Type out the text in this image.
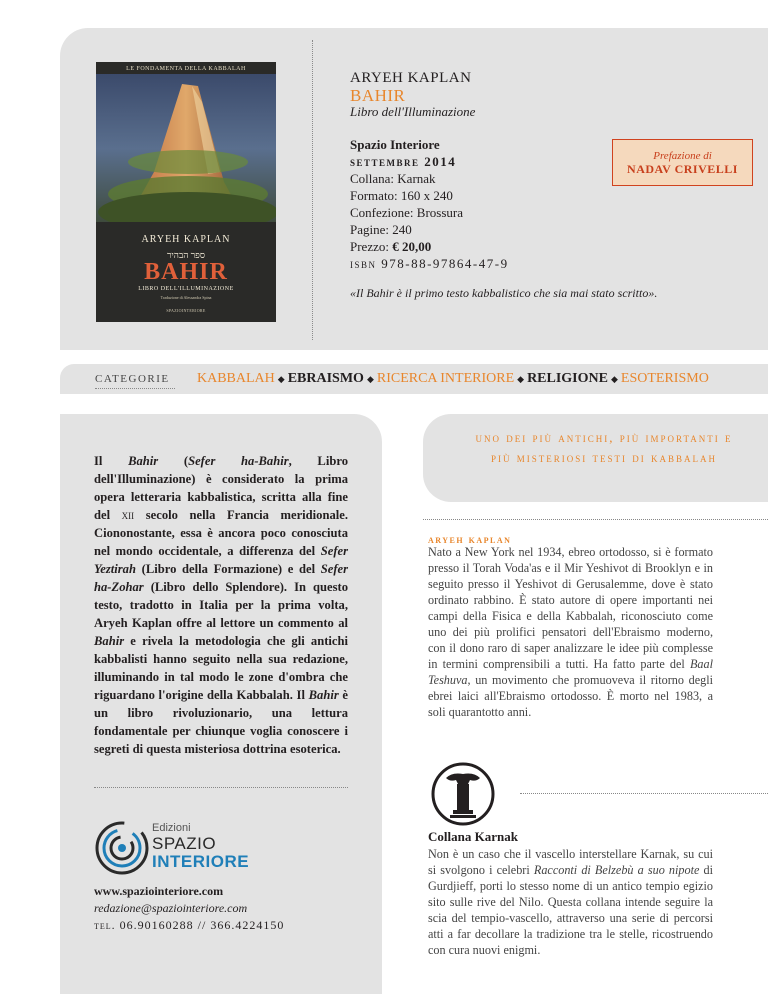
LE FONDAMENTA DELLA KABBALAH
ARYEH KAPLAN
ספר הבהיר
BAHIR
LIBRO DELL'ILLUMINAZIONE
Traduzione di Alessandra Spina
SPAZIOINTERIORE
ARYEH KAPLAN
BAHIR
Libro dell'Illuminazione
Spazio Interiore
settembre 2014
Collana: Karnak
Formato: 160 x 240
Confezione: Brossura
Pagine: 240
Prezzo: € 20,00
isbn 978-88-97864-47-9
Prefazione di
NADAV CRIVELLI
«Il Bahir è il primo testo kabbalistico che sia mai stato scritto».
CATEGORIE	KABBALAH ◆ EBRAISMO ◆ RICERCA INTERIORE ◆ RELIGIONE ◆ ESOTERISMO
Il Bahir (Sefer ha-Bahir, Libro dell'Illuminazione) è considerato la prima opera letteraria kabbalistica, scritta alla fine del xii secolo nella Francia meridionale. Ciononostante, essa è ancora poco conosciuta nel mondo occidentale, a differenza del Sefer Yeztirah (Libro della Formazione) e del Sefer ha-Zohar (Libro dello Splendore). In questo testo, tradotto in Italia per la prima volta, Aryeh Kaplan offre al lettore un commento al Bahir e rivela la metodologia che gli antichi kabbalisti hanno seguito nella sua redazione, illuminando in tal modo le zone d'ombra che riguardano l'origine della Kabbalah. Il Bahir è un libro rivoluzionario, una lettura fondamentale per chiunque voglia conoscere i segreti di questa misteriosa dottrina esoterica.
Edizioni
SPAZIO
INTERIORE
www.spaziointeriore.com
redazione@spaziointeriore.com
tel. 06.90160288 // 366.4224150
uno dei più antichi, più importanti e più misteriosi testi di kabbalah
aryeh kaplan
Nato a New York nel 1934, ebreo ortodosso, si è formato presso il Torah Voda'as e il Mir Yeshivot di Brooklyn e in seguito presso il Yeshivot di Gerusalemme, dove è stato ordinato rabbino. È stato autore di opere importanti nei campi della Fisica e della Kabbalah, riconosciuto come uno dei più prolifici pensatori dell'Ebraismo moderno, con il dono raro di saper analizzare le idee più complesse in termini comprensibili a tutti. Ha fatto parte del Baal Teshuva, un movimento che promuoveva il ritorno degli ebrei laici all'Ebraismo ortodosso. È morto nel 1983, a soli quarantotto anni.
Collana Karnak
Non è un caso che il vascello interstellare Karnak, su cui si svolgono i celebri Racconti di Belzebù a suo nipote di Gurdjieff, porti lo stesso nome di un antico tempio egizio sito sulle rive del Nilo. Questa collana intende seguire la scia del tempio-vascello, attraverso una serie di percorsi atti a far decollare la tradizione tra le stelle, ricostruendo con cura nuovi enigmi.
